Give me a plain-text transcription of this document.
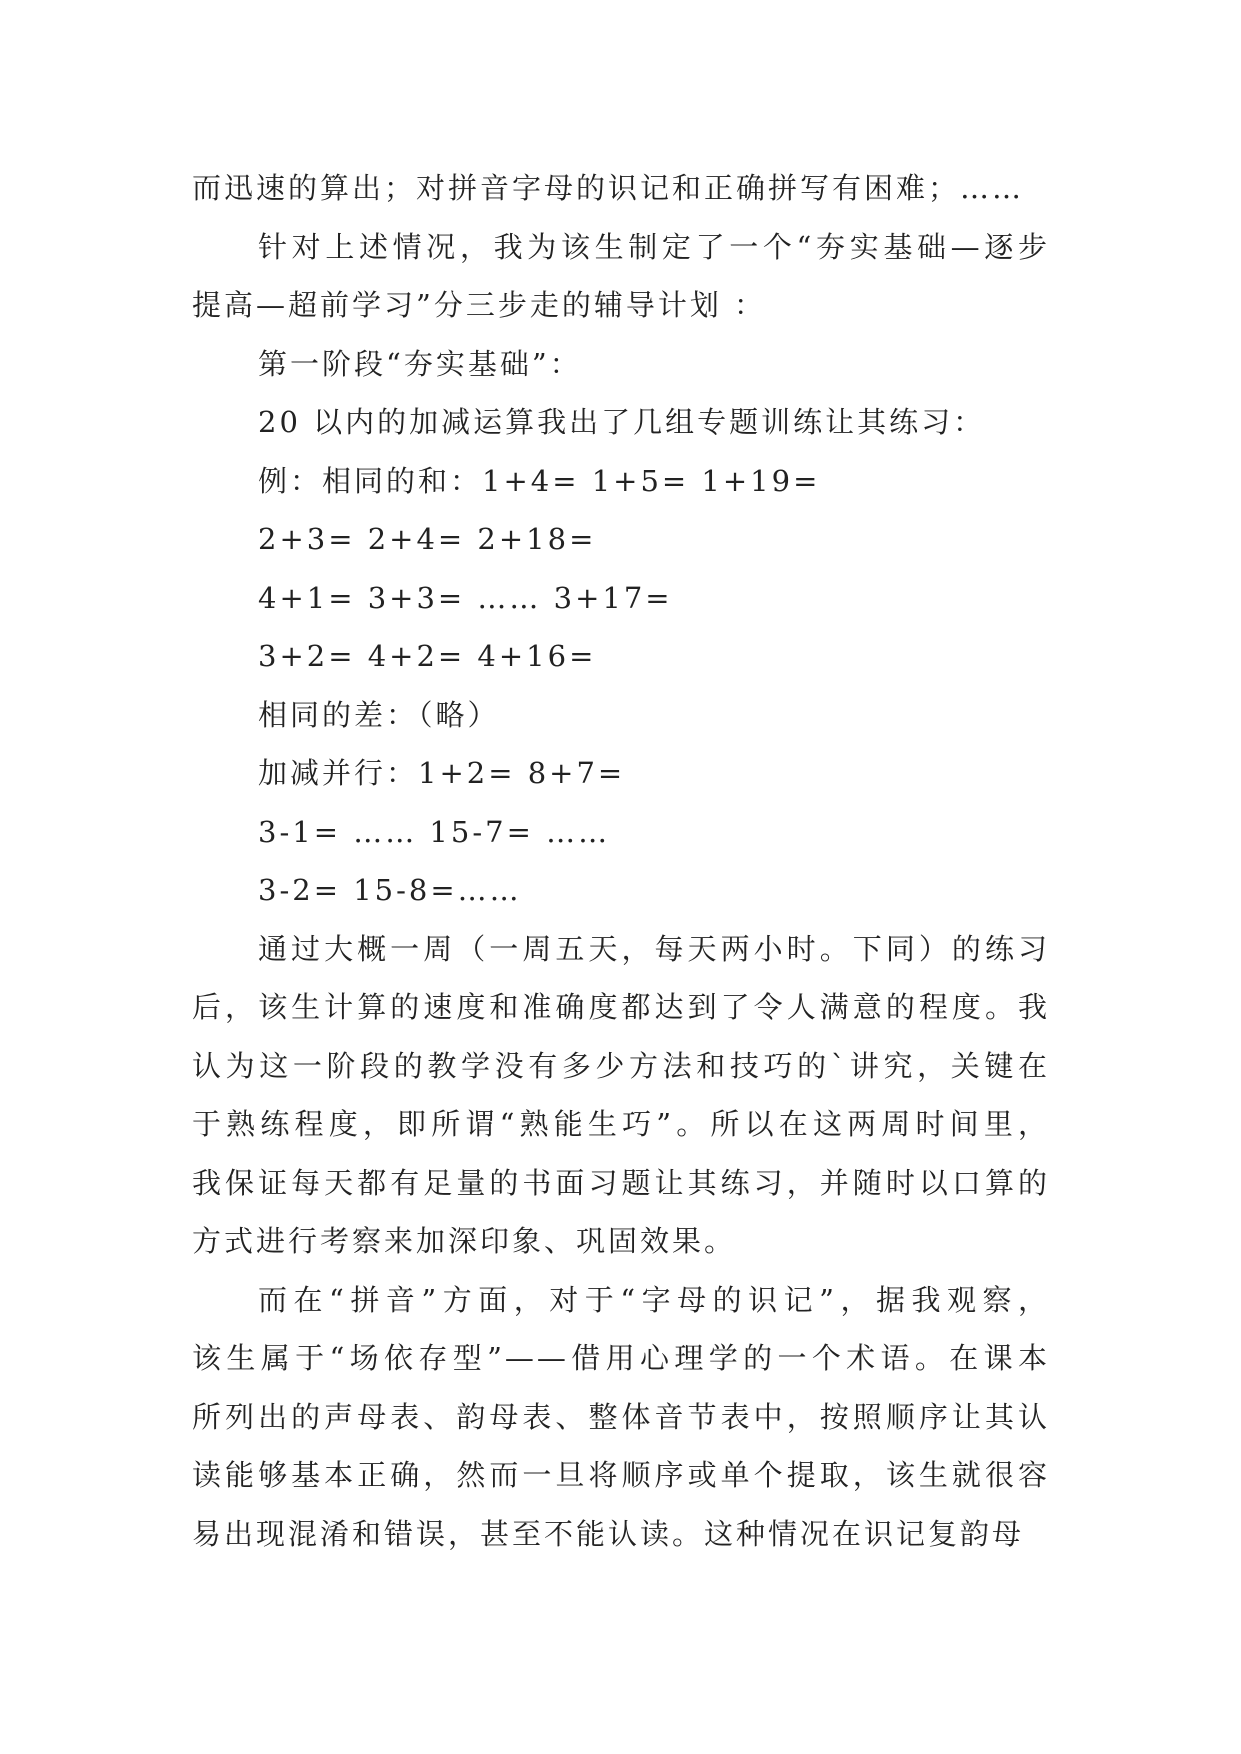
而迅速的算出；对拼音字母的识记和正确拼写有困难；……
针对上述情况，我为该生制定了一个“夯实基础—逐步
提高—超前学习”分三步走的辅导计划 ：
第一阶段“夯实基础”：
20 以内的加减运算我出了几组专题训练让其练习：
例：相同的和：1+4= 1+5= 1+19=
2+3= 2+4= 2+18=
4+1= 3+3= …… 3+17=
3+2= 4+2= 4+16=
相同的差：（略）
加减并行：1+2= 8+7=
3-1= …… 15-7= ……
3-2= 15-8=……
通过大概一周（一周五天，每天两小时。下同）的练习
后，该生计算的速度和准确度都达到了令人满意的程度。我
认为这一阶段的教学没有多少方法和技巧的`讲究，关键在
于熟练程度，即所谓“熟能生巧”。所以在这两周时间里，
我保证每天都有足量的书面习题让其练习，并随时以口算的
方式进行考察来加深印象、巩固效果。
而在“拼音”方面，对于“字母的识记”，据我观察，
该生属于“场依存型”——借用心理学的一个术语。在课本
所列出的声母表、韵母表、整体音节表中，按照顺序让其认
读能够基本正确，然而一旦将顺序或单个提取，该生就很容
易出现混淆和错误，甚至不能认读。这种情况在识记复韵母
